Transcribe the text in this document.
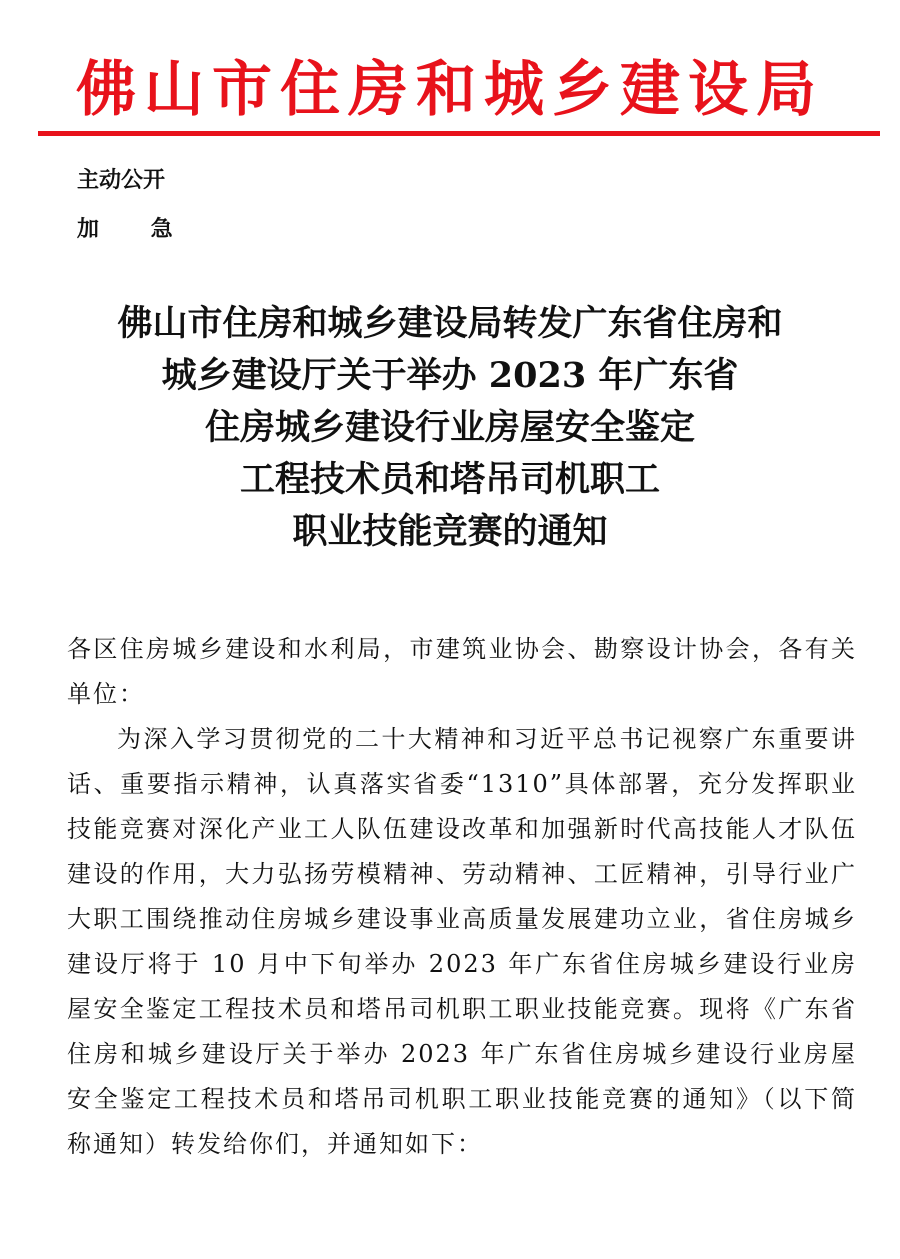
佛山市住房和城乡建设局
主动公开
加 急
佛山市住房和城乡建设局转发广东省住房和
城乡建设厅关于举办 2023 年广东省
住房城乡建设行业房屋安全鉴定
工程技术员和塔吊司机职工
职业技能竞赛的通知

各区住房城乡建设和水利局，市建筑业协会、勘察设计协会，各有关单位：

为深入学习贯彻党的二十大精神和习近平总书记视察广东重要讲话、重要指示精神，认真落实省委“1310”具体部署，充分发挥职业技能竞赛对深化产业工人队伍建设改革和加强新时代高技能人才队伍建设的作用，大力弘扬劳模精神、劳动精神、工匠精神，引导行业广大职工围绕推动住房城乡建设事业高质量发展建功立业，省住房城乡建设厅将于 10 月中下旬举办 2023 年广东省住房城乡建设行业房屋安全鉴定工程技术员和塔吊司机职工职业技能竞赛。现将《广东省住房和城乡建设厅关于举办 2023 年广东省住房城乡建设行业房屋安全鉴定工程技术员和塔吊司机职工职业技能竞赛的通知》（以下简称通知）转发给你们，并通知如下：
